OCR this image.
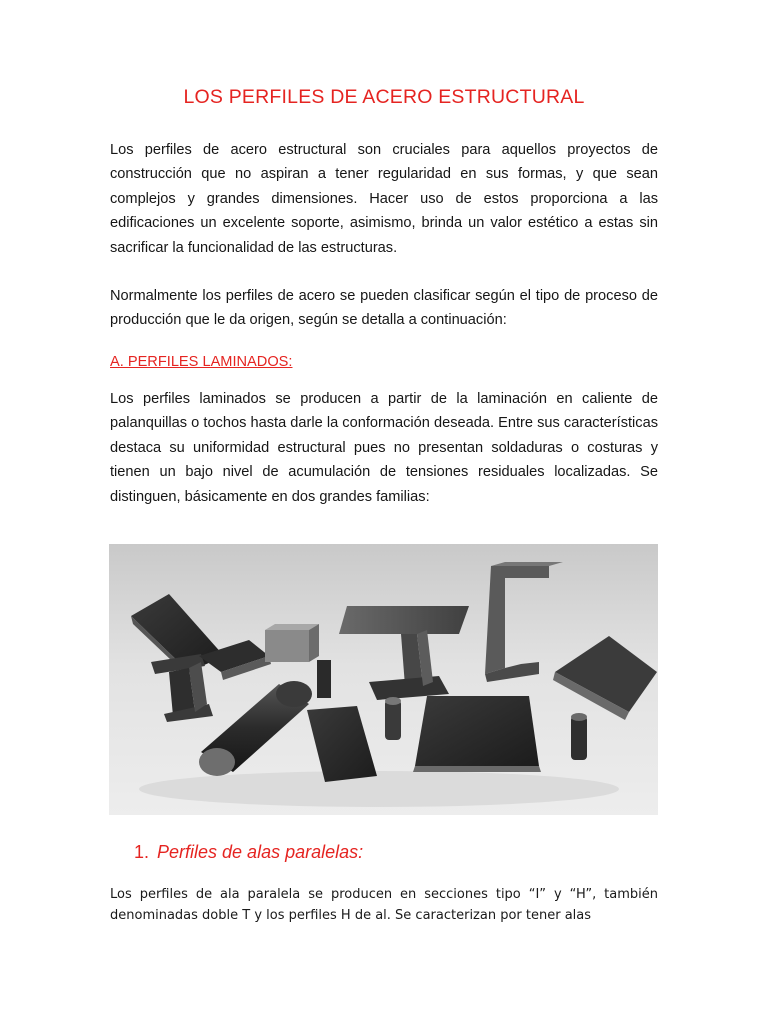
LOS PERFILES DE ACERO ESTRUCTURAL
Los perfiles de acero estructural son cruciales para aquellos proyectos de construcción que no aspiran a tener regularidad en sus formas, y que sean complejos y grandes dimensiones. Hacer uso de estos proporciona a las edificaciones un excelente soporte, asimismo, brinda un valor estético a estas sin sacrificar la funcionalidad de las estructuras.
Normalmente los perfiles de acero se pueden clasificar según el tipo de proceso de producción que le da origen, según se detalla a continuación:
A. PERFILES LAMINADOS:
Los perfiles laminados se producen a partir de la laminación en caliente de palanquillas o tochos hasta darle la conformación deseada. Entre sus características destaca su uniformidad estructural pues no presentan soldaduras o costuras y tienen un bajo nivel de acumulación de tensiones residuales localizadas. Se distinguen, básicamente en dos grandes familias:
1. Perfiles de alas paralelas:
Los perfiles de ala paralela se producen en secciones tipo “I” y “H”, también denominadas doble T y los perfiles H de al. Se caracterizan por tener alas
